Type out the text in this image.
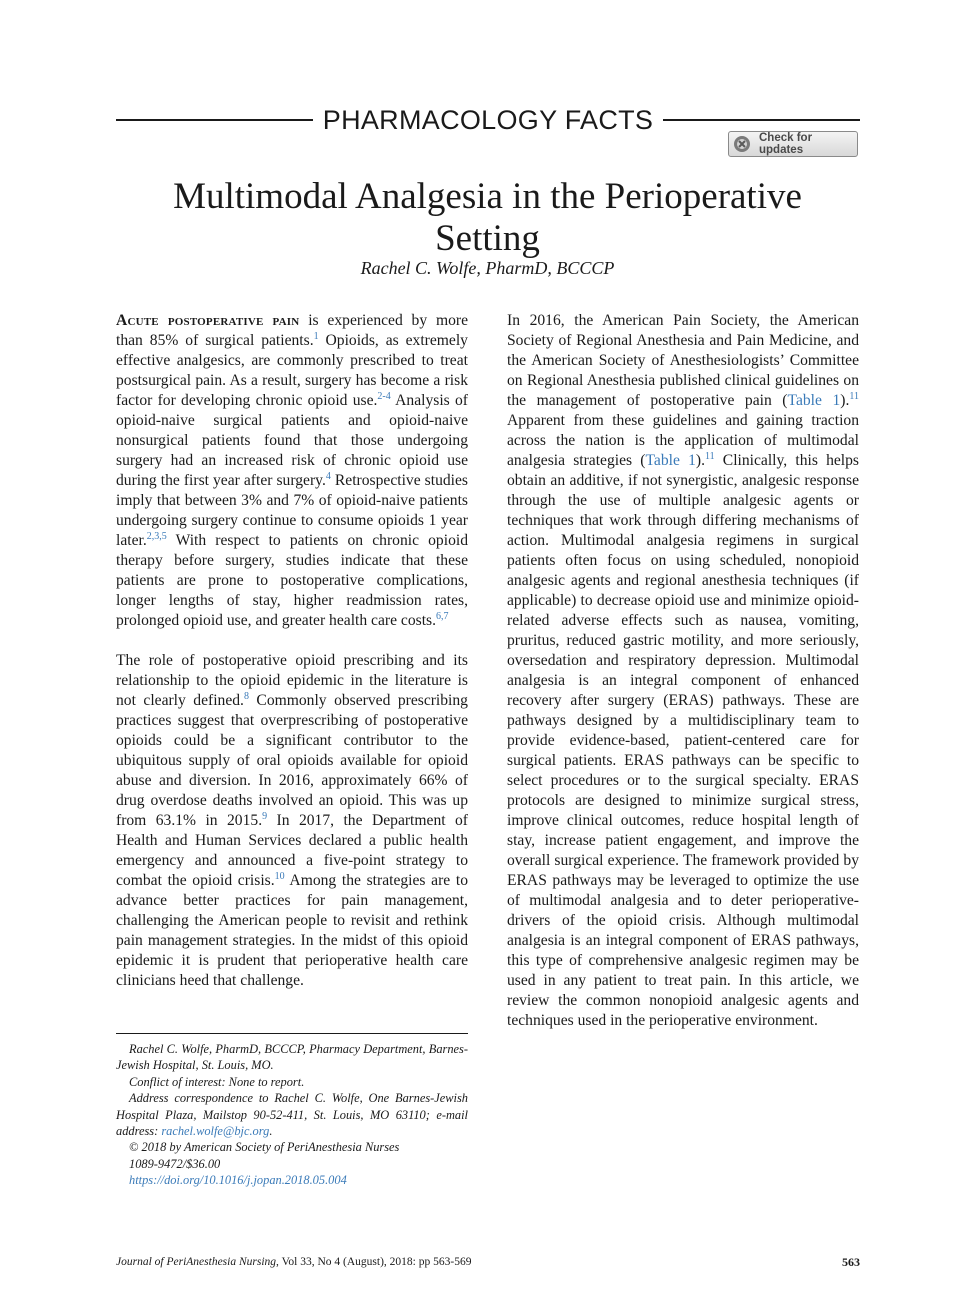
PHARMACOLOGY FACTS
Check for updates
Multimodal Analgesia in the Perioperative
Setting
Rachel C. Wolfe, PharmD, BCCCP

Acute postoperative pain is experienced by more than 85% of surgical patients.$^1$ Opioids, as extremely effective analgesics, are commonly prescribed to treat postsurgical pain. As a result, surgery has become a risk factor for developing chronic opioid use.$^{2-4}$ Analysis of opioid-naive surgical patients and opioid-naive nonsurgical patients found that those undergoing surgery had an increased risk of chronic opioid use during the first year after surgery.$^4$ Retrospective studies imply that between 3% and 7% of opioid-naive patients undergoing surgery continue to consume opioids 1 year later.$^{2,3,5}$ With respect to patients on chronic opioid therapy before surgery, studies indicate that these patients are prone to postoperative complications, longer lengths of stay, higher readmission rates, prolonged opioid use, and greater health care costs.$^{6,7}$

The role of postoperative opioid prescribing and its relationship to the opioid epidemic in the literature is not clearly defined.$^8$ Commonly observed prescribing practices suggest that overprescribing of postoperative opioids could be a significant contributor to the ubiquitous supply of oral opioids available for opioid abuse and diversion. In 2016, approximately 66% of drug overdose deaths involved an opioid. This was up from 63.1% in 2015.$^9$ In 2017, the Department of Health and Human Services declared a public health emergency and announced a five-point strategy to combat the opioid crisis.$^{10}$ Among the strategies are to advance better practices for pain management, challenging the American people to revisit and rethink pain management strategies. In the midst of this opioid epidemic it is prudent that perioperative health care clinicians heed that challenge.

In 2016, the American Pain Society, the American Society of Regional Anesthesia and Pain Medicine, and the American Society of Anesthesiologists’ Committee on Regional Anesthesia published clinical guidelines on the management of postoperative pain (Table 1).$^{11}$ Apparent from these guidelines and gaining traction across the nation is the application of multimodal analgesia strategies (Table 1).$^{11}$ Clinically, this helps obtain an additive, if not synergistic, analgesic response through the use of multiple analgesic agents or techniques that work through differing mechanisms of action. Multimodal analgesia regimens in surgical patients often focus on using scheduled, nonopioid analgesic agents and regional anesthesia techniques (if applicable) to decrease opioid use and minimize opioid-related adverse effects such as nausea, vomiting, pruritus, reduced gastric motility, and more seriously, oversedation and respiratory depression. Multimodal analgesia is an integral component of enhanced recovery after surgery (ERAS) pathways. These are pathways designed by a multidisciplinary team to provide evidence-based, patient-centered care for surgical patients. ERAS pathways can be specific to select procedures or to the surgical specialty. ERAS protocols are designed to minimize surgical stress, improve clinical outcomes, reduce hospital length of stay, increase patient engagement, and improve the overall surgical experience. The framework provided by ERAS pathways may be leveraged to optimize the use of multimodal analgesia and to deter perioperative-drivers of the opioid crisis. Although multimodal analgesia is an integral component of ERAS pathways, this type of comprehensive analgesic regimen may be used in any patient to treat pain. In this article, we review the common nonopioid analgesic agents and techniques used in the perioperative environment.

Rachel C. Wolfe, PharmD, BCCCP, Pharmacy Department, Barnes-Jewish Hospital, St. Louis, MO.

Conflict of interest: None to report.

Address correspondence to Rachel C. Wolfe, One Barnes-Jewish Hospital Plaza, Mailstop 90-52-411, St. Louis, MO 63110; e-mail address: rachel.wolfe@bjc.org.

© 2018 by American Society of PeriAnesthesia Nurses

1089-9472/$36.00

https://doi.org/10.1016/j.jopan.2018.05.004

Journal of PeriAnesthesia Nursing, Vol 33, No 4 (August), 2018: pp 563-569	563
